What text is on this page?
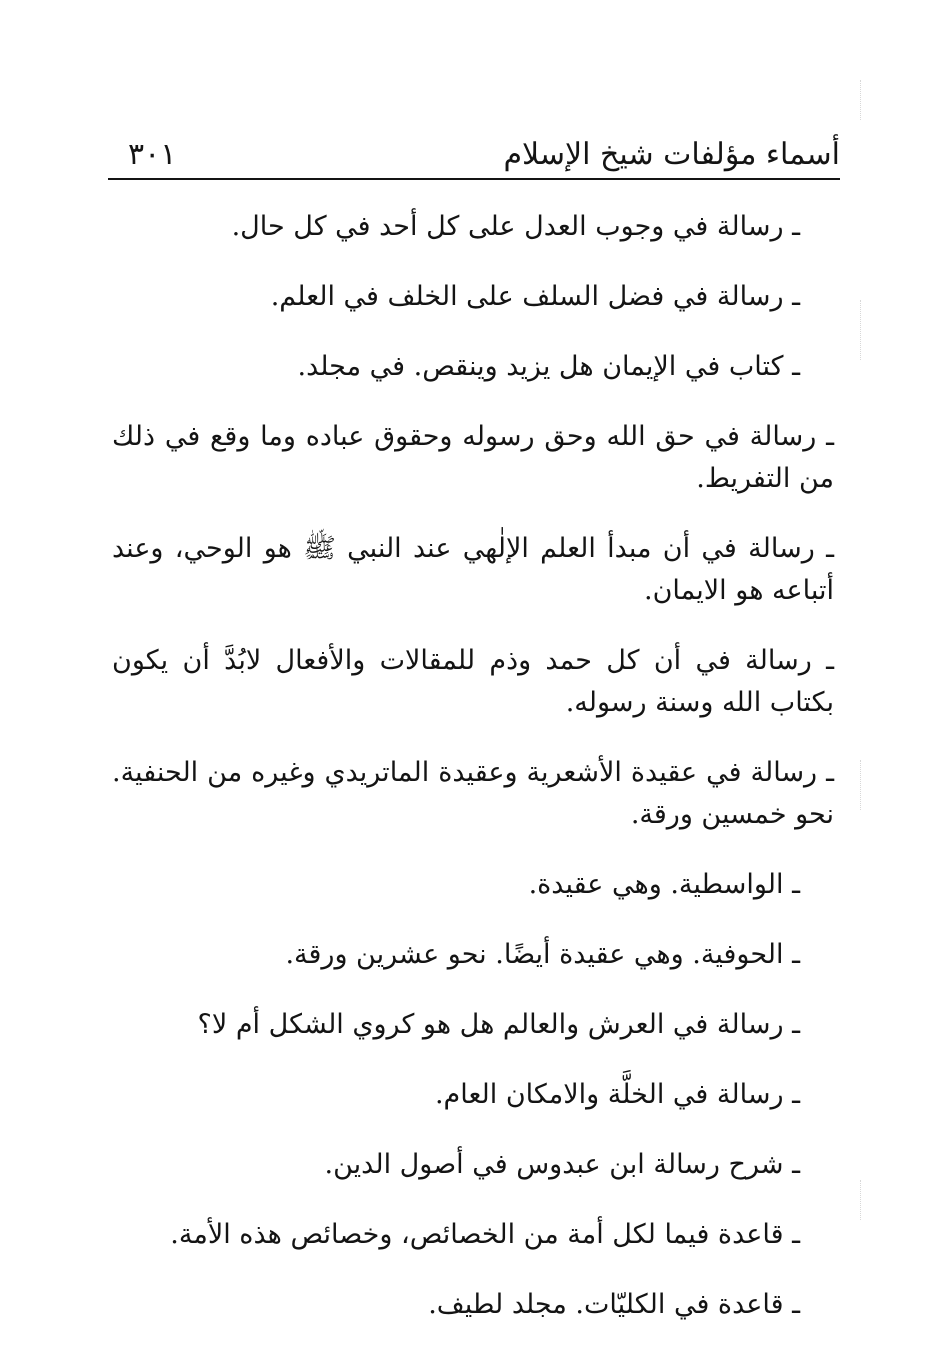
أسماء مؤلفات شيخ الإسلام
٣٠١

ـ رسالة في وجوب العدل على كل أحد في كل حال.

ـ رسالة في فضل السلف على الخلف في العلم.

ـ كتاب في الإيمان هل يزيد وينقص. في مجلد.

ـ رسالة في حق الله وحق رسوله وحقوق عباده وما وقع في ذلك من التفريط.

ـ رسالة في أن مبدأ العلم الإلٰهي عند النبي ﷺ هو الوحي، وعند أتباعه هو الايمان.

ـ رسالة في أن كل حمد وذم للمقالات والأفعال لابُدَّ أن يكون بكتاب الله وسنة رسوله.

ـ رسالة في عقيدة الأشعرية وعقيدة الماتريدي وغيره من الحنفية. نحو خمسين ورقة.

ـ الواسطية. وهي عقيدة.

ـ الحوفية. وهي عقيدة أيضًا. نحو عشرين ورقة.

ـ رسالة في العرش والعالم هل هو كروي الشكل أم لا؟

ـ رسالة في الخلَّة والامكان العام.

ـ شرح رسالة ابن عبدوس في أصول الدين.

ـ قاعدة فيما لكل أمة من الخصائص، وخصائص هذه الأمة.

ـ قاعدة في الكليّات. مجلد لطيف.
